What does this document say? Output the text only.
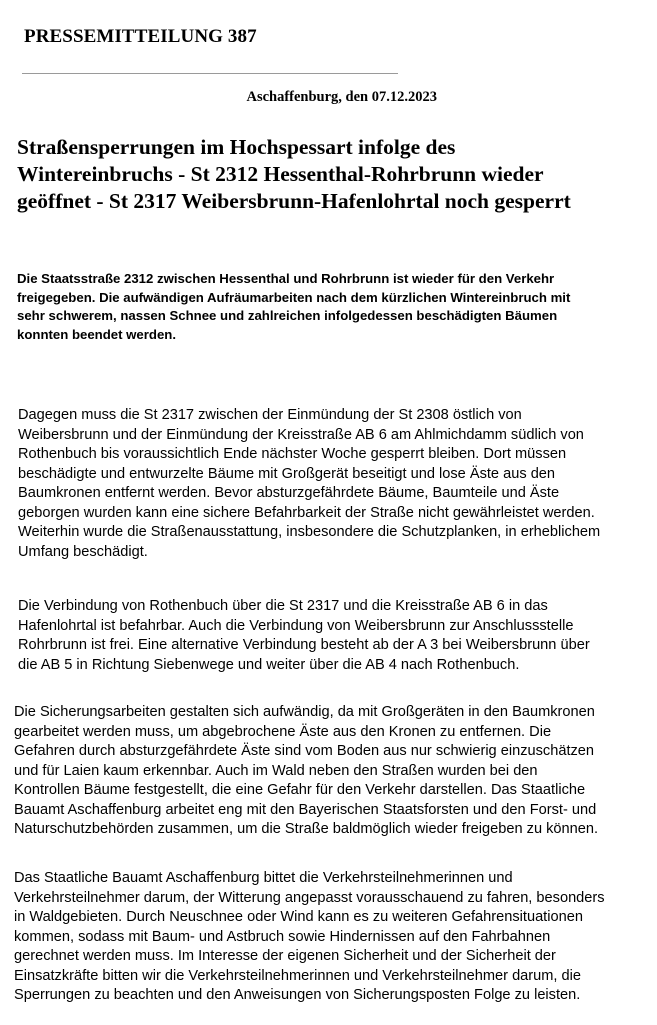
PRESSEMITTEILUNG 387
Aschaffenburg, den 07.12.2023
Straßensperrungen im Hochspessart infolge des
Wintereinbruchs - St 2312 Hessenthal-Rohrbrunn wieder
geöffnet - St 2317 Weibersbrunn-Hafenlohrtal noch gesperrt

Die Staatsstraße 2312 zwischen Hessenthal und Rohrbrunn ist wieder für den Verkehr
freigegeben. Die aufwändigen Aufräumarbeiten nach dem kürzlichen Wintereinbruch mit
sehr schwerem, nassen Schnee und zahlreichen infolgedessen beschädigten Bäumen
konnten beendet werden.

Dagegen muss die St 2317 zwischen der Einmündung der St 2308 östlich von
Weibersbrunn und der Einmündung der Kreisstraße AB 6 am Ahlmichdamm südlich von
Rothenbuch bis voraussichtlich Ende nächster Woche gesperrt bleiben. Dort müssen
beschädigte und entwurzelte Bäume mit Großgerät beseitigt und lose Äste aus den
Baumkronen entfernt werden. Bevor absturzgefährdete Bäume, Baumteile und Äste
geborgen wurden kann eine sichere Befahrbarkeit der Straße nicht gewährleistet werden.
Weiterhin wurde die Straßenausstattung, insbesondere die Schutzplanken, in erheblichem
Umfang beschädigt.

Die Verbindung von Rothenbuch über die St 2317 und die Kreisstraße AB 6 in das
Hafenlohrtal ist befahrbar. Auch die Verbindung von Weibersbrunn zur Anschlussstelle
Rohrbrunn ist frei. Eine alternative Verbindung besteht ab der A 3 bei Weibersbrunn über
die AB 5 in Richtung Siebenwege und weiter über die AB 4 nach Rothenbuch.

Die Sicherungsarbeiten gestalten sich aufwändig, da mit Großgeräten in den Baumkronen
gearbeitet werden muss, um abgebrochene Äste aus den Kronen zu entfernen. Die
Gefahren durch absturzgefährdete Äste sind vom Boden aus nur schwierig einzuschätzen
und für Laien kaum erkennbar. Auch im Wald neben den Straßen wurden bei den
Kontrollen Bäume festgestellt, die eine Gefahr für den Verkehr darstellen. Das Staatliche
Bauamt Aschaffenburg arbeitet eng mit den Bayerischen Staatsforsten und den Forst- und
Naturschutzbehörden zusammen, um die Straße baldmöglich wieder freigeben zu können.

Das Staatliche Bauamt Aschaffenburg bittet die Verkehrsteilnehmerinnen und
Verkehrsteilnehmer darum, der Witterung angepasst vorausschauend zu fahren, besonders
in Waldgebieten. Durch Neuschnee oder Wind kann es zu weiteren Gefahrensituationen
kommen, sodass mit Baum- und Astbruch sowie Hindernissen auf den Fahrbahnen
gerechnet werden muss. Im Interesse der eigenen Sicherheit und der Sicherheit der
Einsatzkräfte bitten wir die Verkehrsteilnehmerinnen und Verkehrsteilnehmer darum, die
Sperrungen zu beachten und den Anweisungen von Sicherungsposten Folge zu leisten.
